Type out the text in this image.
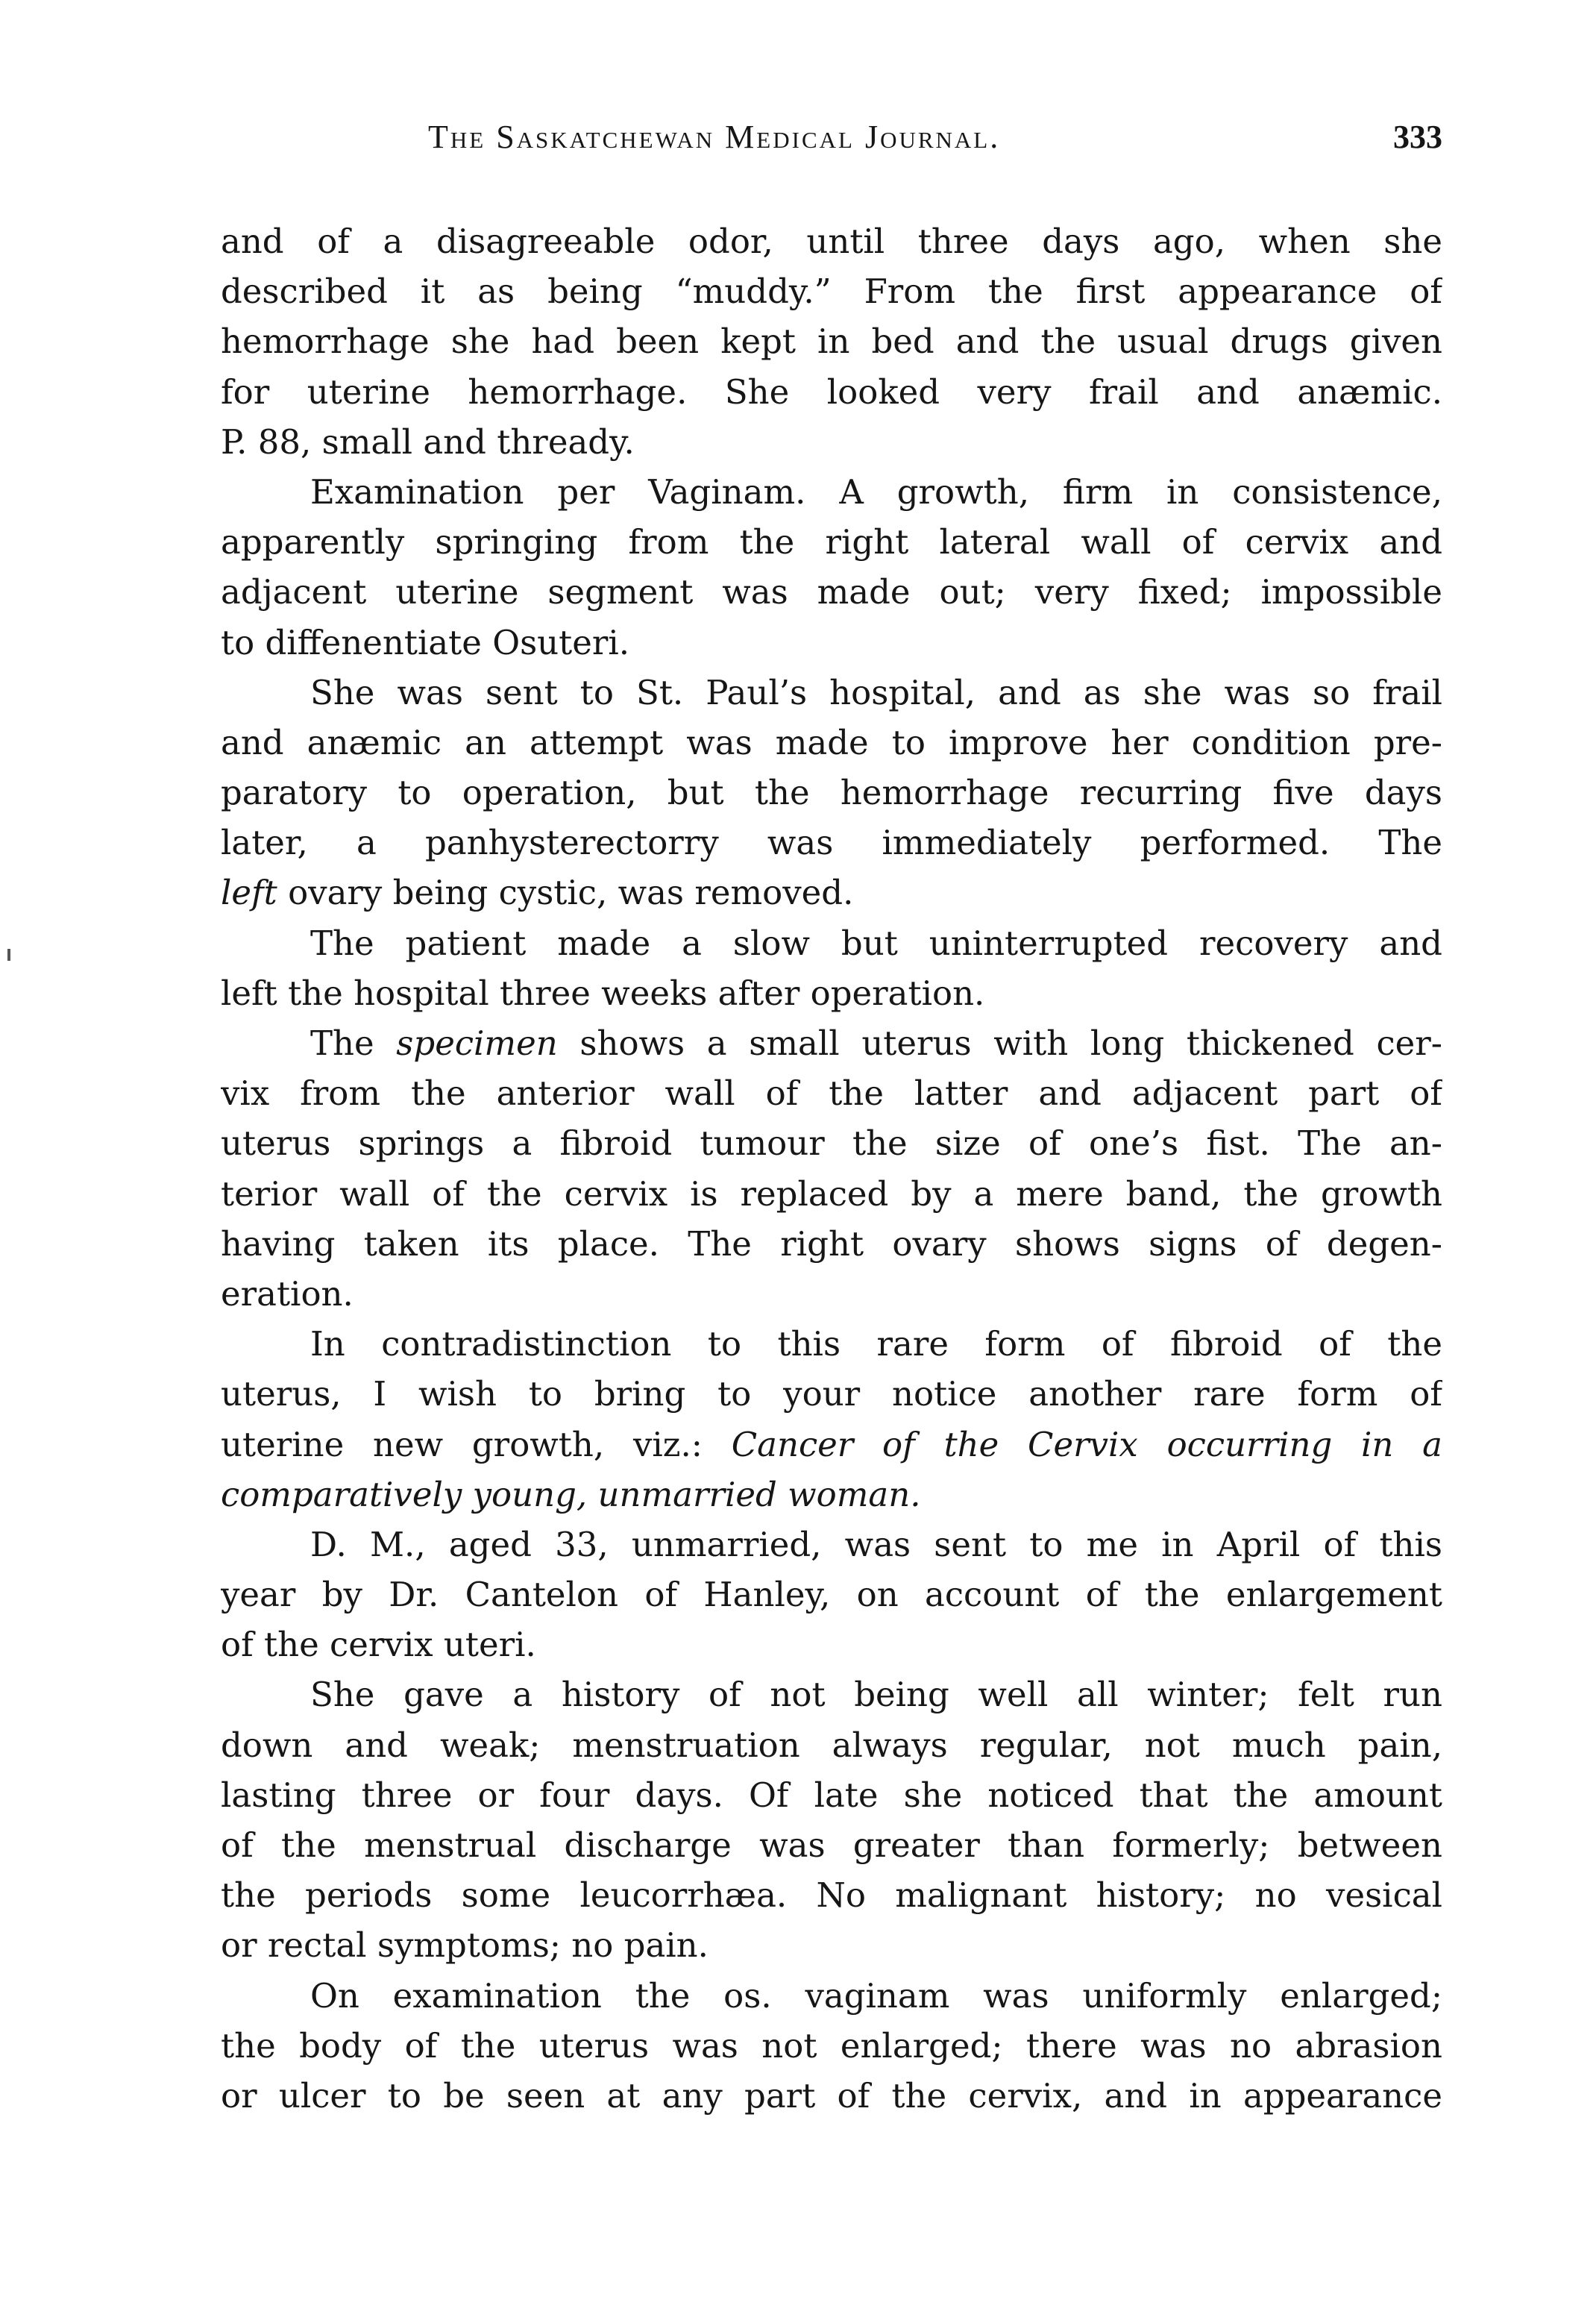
The Saskatchewan Medical Journal.	333
and of a disagreeable odor, until three days ago, when she
described it as being “muddy.” From the first appearance of
hemorrhage she had been kept in bed and the usual drugs given
for uterine hemorrhage. She looked very frail and anæmic.
P. 88, small and thready.
Examination per Vaginam. A growth, firm in consistence,
apparently springing from the right lateral wall of cervix and
adjacent uterine segment was made out; very fixed; impossible
to diffenentiate Osuteri.
She was sent to St. Paul’s hospital, and as she was so frail
and anæmic an attempt was made to improve her condition pre-
paratory to operation, but the hemorrhage recurring five days
later, a panhysterectorry was immediately performed. The
left ovary being cystic, was removed.
The patient made a slow but uninterrupted recovery and
left the hospital three weeks after operation.
The specimen shows a small uterus with long thickened cer-
vix from the anterior wall of the latter and adjacent part of
uterus springs a fibroid tumour the size of one’s fist. The an-
terior wall of the cervix is replaced by a mere band, the growth
having taken its place. The right ovary shows signs of degen-
eration.
In contradistinction to this rare form of fibroid of the
uterus, I wish to bring to your notice another rare form of
uterine new growth, viz.: Cancer of the Cervix occurring in a
comparatively young, unmarried woman.
D. M., aged 33, unmarried, was sent to me in April of this
year by Dr. Cantelon of Hanley, on account of the enlargement
of the cervix uteri.
She gave a history of not being well all winter; felt run
down and weak; menstruation always regular, not much pain,
lasting three or four days. Of late she noticed that the amount
of the menstrual discharge was greater than formerly; between
the periods some leucorrhæa. No malignant history; no vesical
or rectal symptoms; no pain.
On examination the os. vaginam was uniformly enlarged;
the body of the uterus was not enlarged; there was no abrasion
or ulcer to be seen at any part of the cervix, and in appearance
